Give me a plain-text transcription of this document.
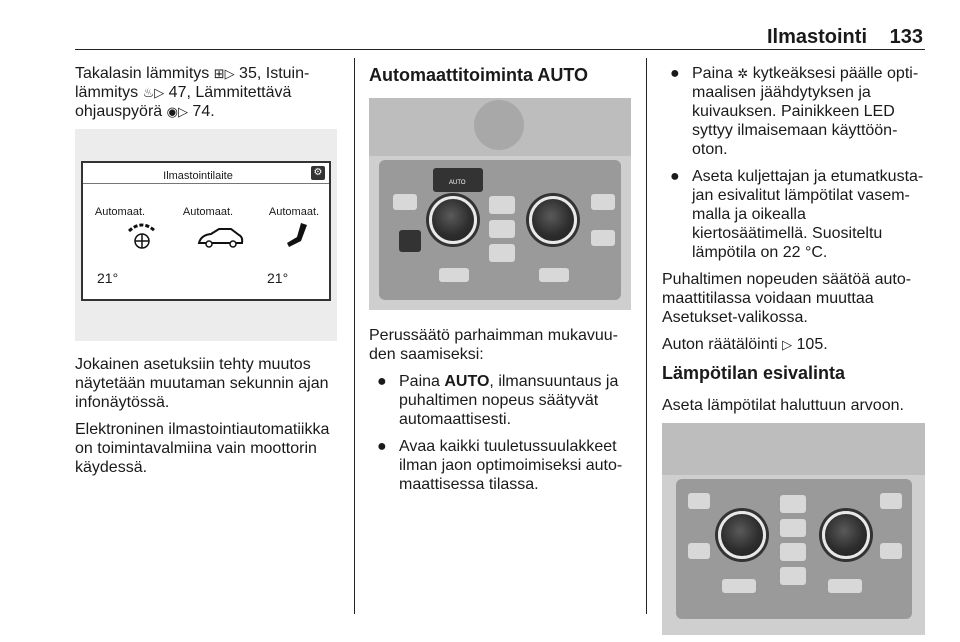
Ilmastointi 133

Takalasin lämmitys ⊞▷ 35, Istuin-
lämmitys ♨▷ 47, Lämmitettävä
ohjauspyörä ◉▷ 74.

Ilmastointilaite	⚙
Automaat.	Automaat.	Automaat.
21°	21°

Jokainen asetuksiin tehty muutos näytetään muutaman sekunnin ajan infonäytössä.

Elektroninen ilmastointiautomatiikka on toimintavalmiina vain moottorin käydessä.

Automaattitoiminta AUTO
AUTO

Perussäätö parhaimman mukavuu- den saamiseksi:

● Paina AUTO, ilmansuuntaus ja puhaltimen nopeus säätyvät automaattisesti.
● Avaa kaikki tuuletussuulakkeet ilman jaon optimoimiseksi auto- maattisessa tilassa.
● Paina ✲ kytkeäksesi päälle opti- maalisen jäähdytyksen ja kuivauksen. Painikkeen LED syttyy ilmaisemaan käyttöön- oton.
● Aseta kuljettajan ja etumatkusta- jan esivalitut lämpötilat vasem- malla ja oikealla kiertosäätimellä. Suositeltu lämpötila on 22 °C.

Puhaltimen nopeuden säätöä auto- maattitilassa voidaan muuttaa Asetukset-valikossa.

Auton räätälöinti ▷ 105.

Lämpötilan esivalinta

Aseta lämpötilat haluttuun arvoon.
